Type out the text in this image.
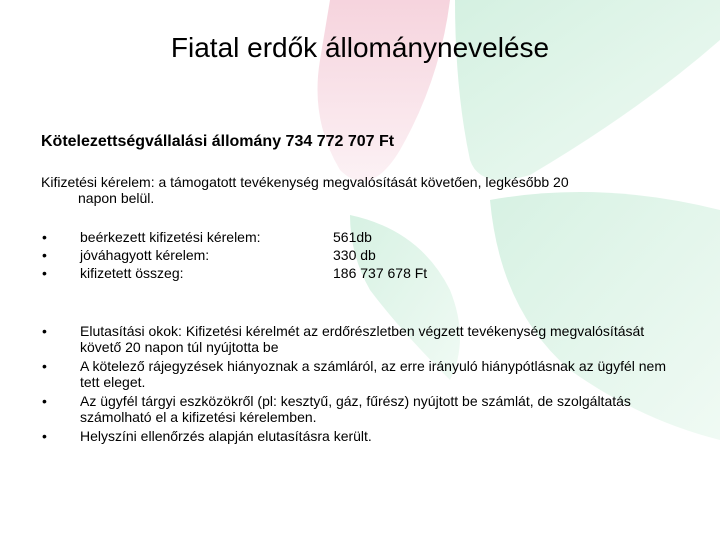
Fiatal erdők állománynevelése
Kötelezettségvállalási állomány 734 772 707 Ft
Kifizetési kérelem: a támogatott tevékenység megvalósítását követően, legkésőbb 20
napon belül.
•	beérkezett kifizetési kérelem:	561db
•	jóváhagyott kérelem:	330 db
•	kifizetett összeg:	186 737 678 Ft
•	Elutasítási okok: Kifizetési kérelmét az erdőrészletben végzett tevékenység megvalósítását követő 20 napon túl nyújtotta be
•	A kötelező rájegyzések hiányoznak a számláról, az erre irányuló hiánypótlásnak az ügyfél nem tett eleget.
•	Az ügyfél tárgyi eszközökről (pl: kesztyű, gáz, fűrész) nyújtott be számlát, de szolgáltatás számolható el a kifizetési kérelemben.
•	Helyszíni ellenőrzés alapján elutasításra került.
